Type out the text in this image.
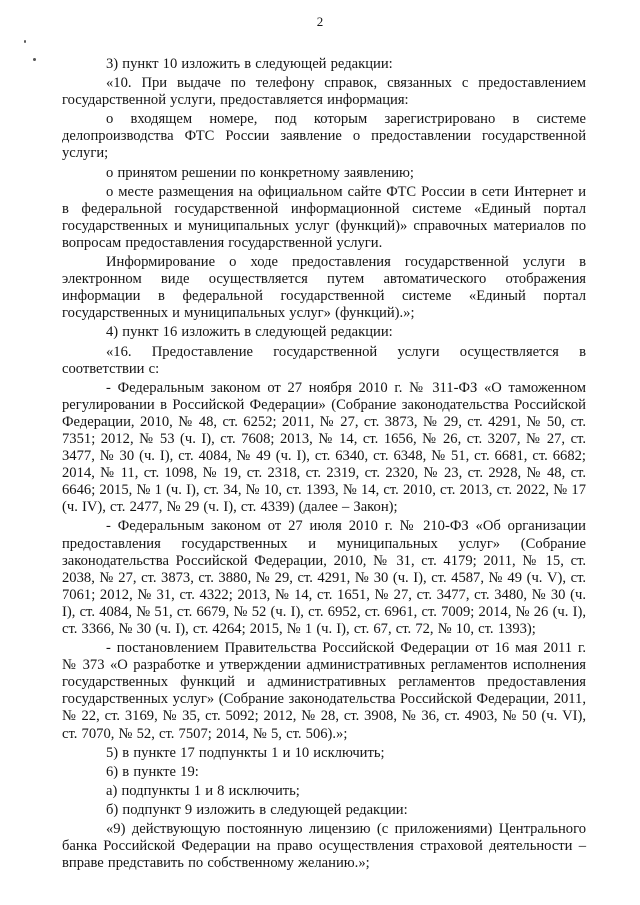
2

3) пункт 10 изложить в следующей редакции:

«10. При выдаче по телефону справок, связанных с предоставлением государственной услуги, предоставляется информация:

о входящем номере, под которым зарегистрировано в системе делопроизводства ФТС России заявление о предоставлении государственной услуги;

о принятом решении по конкретному заявлению;

о месте размещения на официальном сайте ФТС России в сети Интернет и в федеральной государственной информационной системе «Единый портал государственных и муниципальных услуг (функций)» справочных материалов по вопросам предоставления государственной услуги.

Информирование о ходе предоставления государственной услуги в электронном виде осуществляется путем автоматического отображения информации в федеральной государственной системе «Единый портал государственных и муниципальных услуг» (функций).»;

4) пункт 16 изложить в следующей редакции:

«16. Предоставление государственной услуги осуществляется в соответствии с:

- Федеральным законом от 27 ноября 2010 г. № 311-ФЗ «О таможенном регулировании в Российской Федерации» (Собрание законодательства Российской Федерации, 2010, № 48, ст. 6252; 2011, № 27, ст. 3873, № 29, ст. 4291, № 50, ст. 7351; 2012, № 53 (ч. I), ст. 7608; 2013, № 14, ст. 1656, № 26, ст. 3207, № 27, ст. 3477, № 30 (ч. I), ст. 4084, № 49 (ч. I), ст. 6340, ст. 6348, № 51, ст. 6681, ст. 6682; 2014, № 11, ст. 1098, № 19, ст. 2318, ст. 2319, ст. 2320, № 23, ст. 2928, № 48, ст. 6646; 2015, № 1 (ч. I), ст. 34, № 10, ст. 1393, № 14, ст. 2010, ст. 2013, ст. 2022, № 17 (ч. IV), ст. 2477, № 29 (ч. I), ст. 4339) (далее – Закон);

- Федеральным законом от 27 июля 2010 г. № 210-ФЗ «Об организации предоставления государственных и муниципальных услуг» (Собрание законодательства Российской Федерации, 2010, № 31, ст. 4179; 2011, № 15, ст. 2038, № 27, ст. 3873, ст. 3880, № 29, ст. 4291, № 30 (ч. I), ст. 4587, № 49 (ч. V), ст. 7061; 2012, № 31, ст. 4322; 2013, № 14, ст. 1651, № 27, ст. 3477, ст. 3480, № 30 (ч. I), ст. 4084, № 51, ст. 6679, № 52 (ч. I), ст. 6952, ст. 6961, ст. 7009; 2014, № 26 (ч. I), ст. 3366, № 30 (ч. I), ст. 4264; 2015, № 1 (ч. I), ст. 67, ст. 72, № 10, ст. 1393);

- постановлением Правительства Российской Федерации от 16 мая 2011 г. № 373 «О разработке и утверждении административных регламентов исполнения государственных функций и административных регламентов предоставления государственных услуг» (Собрание законодательства Российской Федерации, 2011, № 22, ст. 3169, № 35, ст. 5092; 2012, № 28, ст. 3908, № 36, ст. 4903, № 50 (ч. VI), ст. 7070, № 52, ст. 7507; 2014, № 5, ст. 506).»;

5) в пункте 17 подпункты 1 и 10 исключить;

6) в пункте 19:

а) подпункты 1 и 8 исключить;

б) подпункт 9 изложить в следующей редакции:

«9) действующую постоянную лицензию (с приложениями) Центрального банка Российской Федерации на право осуществления страховой деятельности – вправе представить по собственному желанию.»;
